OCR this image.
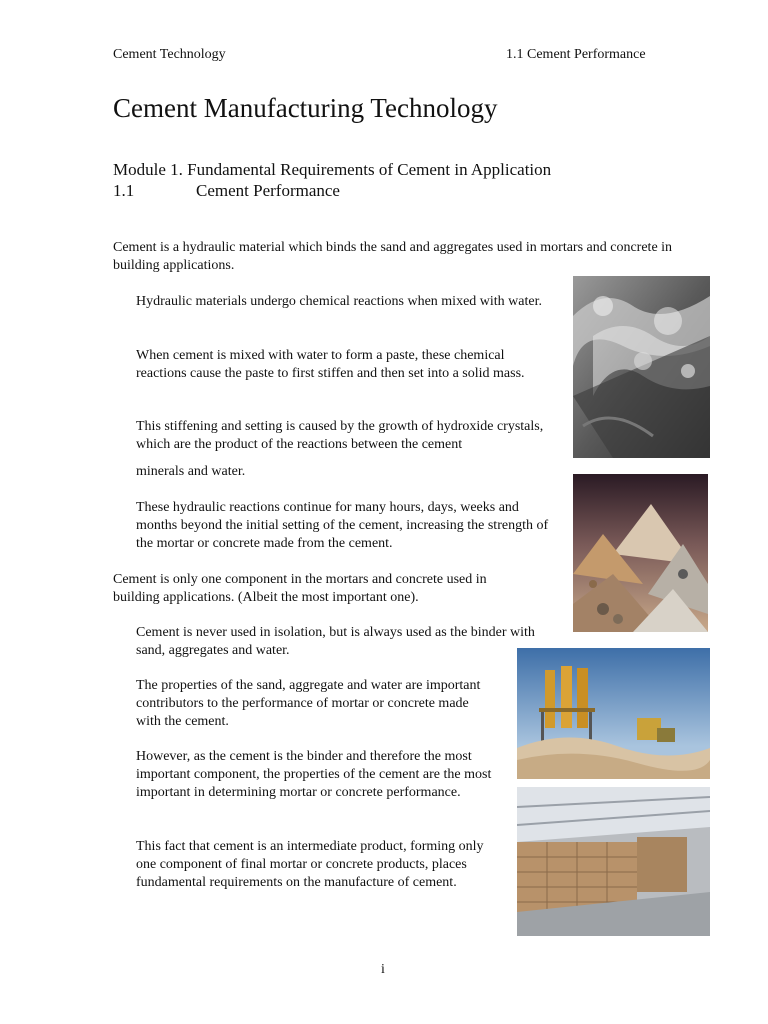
Cement Technology	1.1 Cement Performance
Cement Manufacturing Technology
Module 1. Fundamental Requirements of Cement in Application
1.1	Cement Performance
Cement is a hydraulic material which binds the sand and aggregates used in mortars and concrete in building applications.
Hydraulic materials undergo chemical reactions when mixed with water.
When cement is mixed with water to form a paste, these chemical reactions cause the paste to first stiffen and then set into a solid mass.
This stiffening and setting is caused by the growth of hydroxide crystals, which are the product of the reactions between the cement
minerals and water.
These hydraulic reactions continue for many hours, days, weeks and months beyond the initial setting of the cement, increasing the strength of the mortar or concrete made from the cement.
Cement is only one component in the mortars and concrete used in building applications. (Albeit the most important one).
Cement is never used in isolation, but is always used as the binder with sand, aggregates and water.
The properties of the sand, aggregate and water are important contributors to the performance of mortar or concrete made with the cement.
However, as the cement is the binder and therefore the most important component, the properties of the cement are the most important in determining mortar or concrete performance.
This fact that cement is an intermediate product, forming only one component of final mortar or concrete products, places fundamental requirements on the manufacture of cement.
i
